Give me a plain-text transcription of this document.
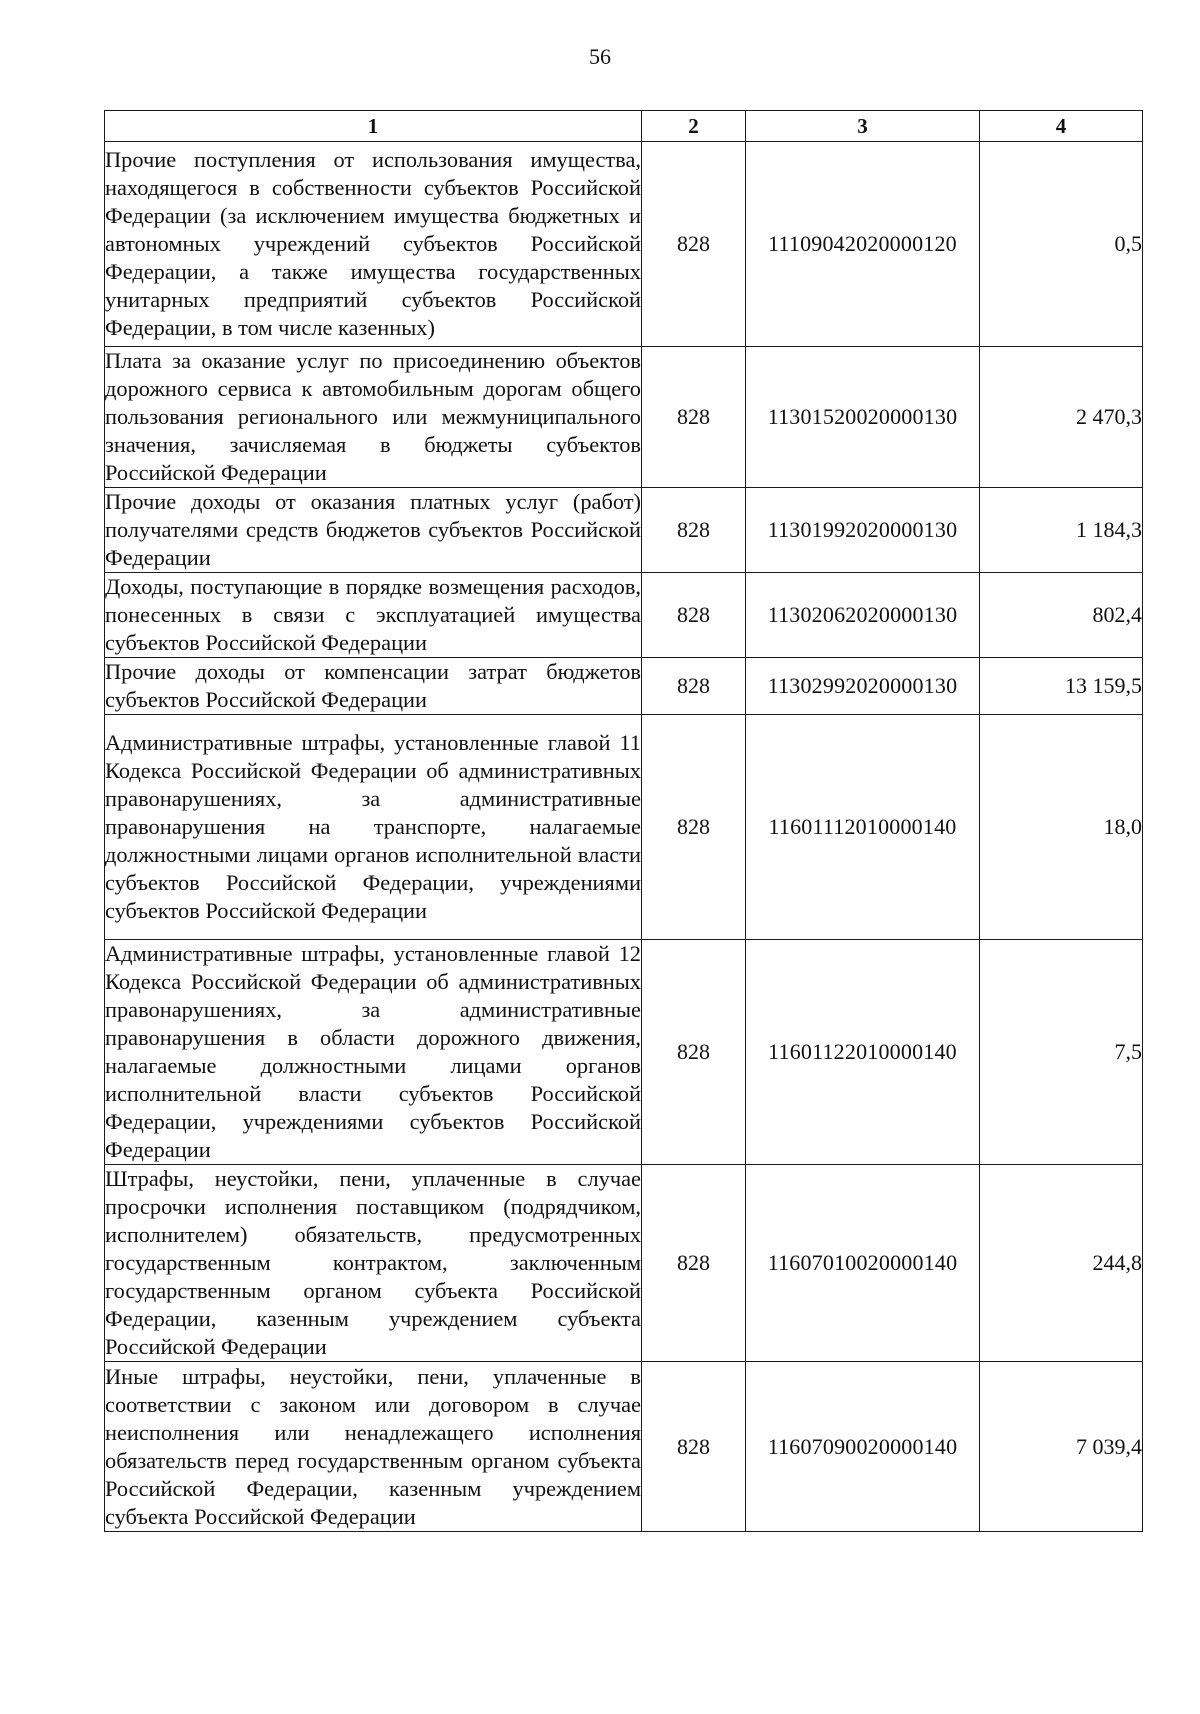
56
1	2	3	4
Прочие поступления от использования имущества, находящегося в собственности субъектов Российской Федерации (за исключением имущества бюджетных и автономных учреждений субъектов Российской Федерации, а также имущества государственных унитарных предприятий субъектов Российской Федерации, в том числе казенных)	828	11109042020000120	0,5
Плата за оказание услуг по присоединению объектов дорожного сервиса к автомобильным дорогам общего пользования регионального или межмуниципального значения, зачисляемая в бюджеты субъектов Российской Федерации	828	11301520020000130	2 470,3
Прочие доходы от оказания платных услуг (работ) получателями средств бюджетов субъектов Российской Федерации	828	11301992020000130	1 184,3
Доходы, поступающие в порядке возмещения расходов, понесенных в связи с эксплуатацией имущества субъектов Российской Федерации	828	11302062020000130	802,4
Прочие доходы от компенсации затрат бюджетов субъектов Российской Федерации	828	11302992020000130	13 159,5
Административные штрафы, установленные главой 11 Кодекса Российской Федерации об административных правонарушениях, за административные правонарушения на транспорте, налагаемые должностными лицами органов исполнительной власти субъектов Российской Федерации, учреждениями субъектов Российской Федерации	828	11601112010000140	18,0
Административные штрафы, установленные главой 12 Кодекса Российской Федерации об административных правонарушениях, за административные правонарушения в области дорожного движения, налагаемые должностными лицами органов исполнительной власти субъектов Российской Федерации, учреждениями субъектов Российской Федерации	828	11601122010000140	7,5
Штрафы, неустойки, пени, уплаченные в случае просрочки исполнения поставщиком (подрядчиком, исполнителем) обязательств, предусмотренных государственным контрактом, заключенным государственным органом субъекта Российской Федерации, казенным учреждением субъекта Российской Федерации	828	11607010020000140	244,8
Иные штрафы, неустойки, пени, уплаченные в соответствии с законом или договором в случае неисполнения или ненадлежащего исполнения обязательств перед государственным органом субъекта Российской Федерации, казенным учреждением субъекта Российской Федерации	828	11607090020000140	7 039,4
